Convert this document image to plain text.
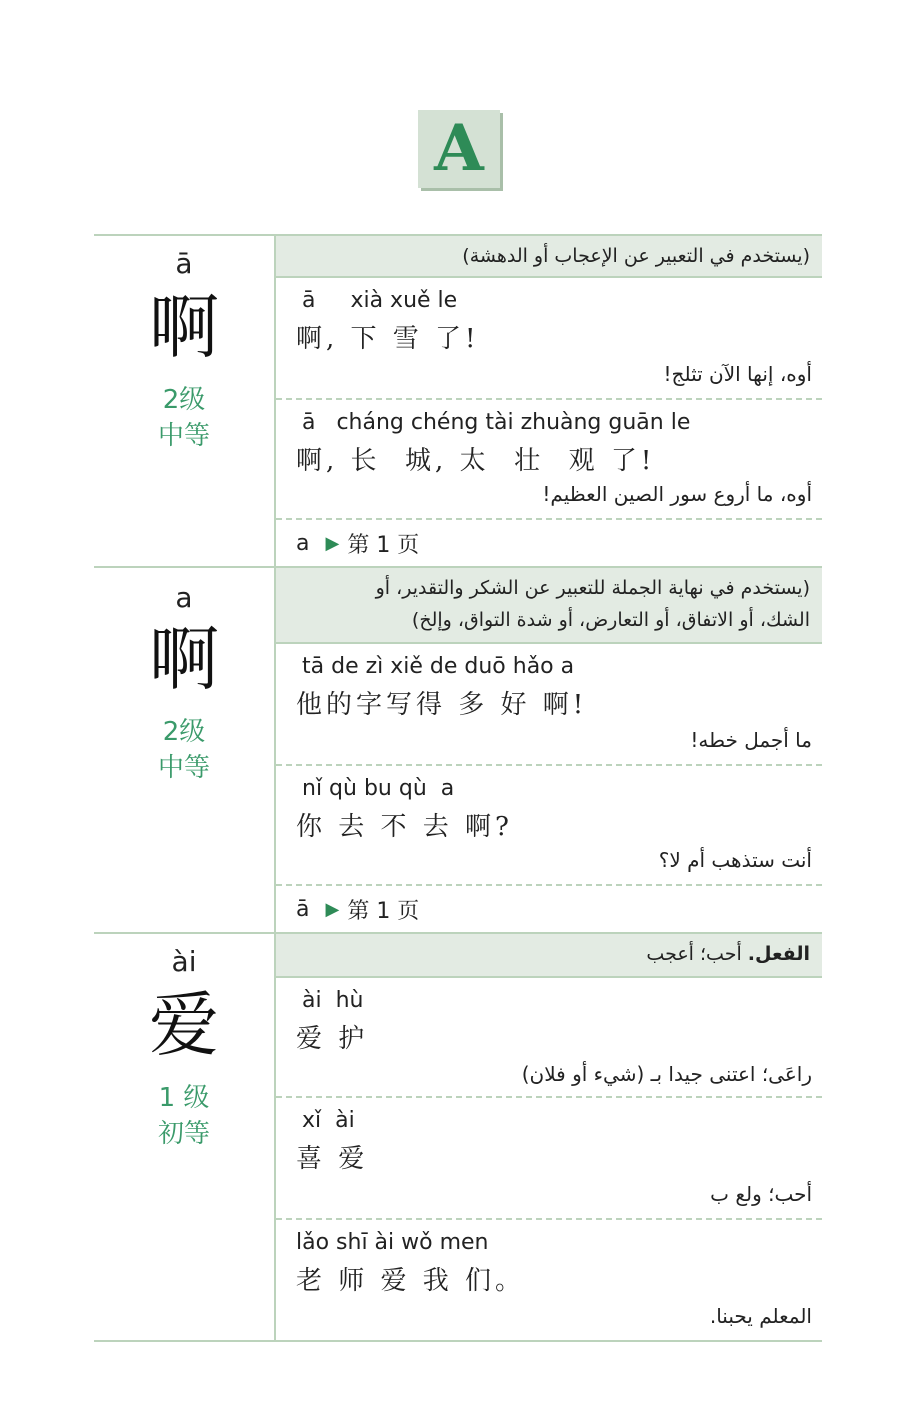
A
ā
啊
2级
中等
(يستخدم في التعبير عن الإعجاب أو الدهشة)
ā     xià xuě le
啊, 下 雪 了!
أوه، إنها الآن تثلج!
ā   cháng chéng tài zhuàng guān le
啊, 长  城, 太  壮  观 了!
أوه، ما أروع سور الصين العظيم!
a ▶ 第 1 页
a
啊
2级
中等
(يستخدم في نهاية الجملة للتعبير عن الشكر والتقدير، أو
الشك، أو الاتفاق، أو التعارض، أو شدة التواق، وإلخ)
tā de zì xiě de duō hǎo a
他的字写得 多 好 啊!
ما أجمل خطه!
nǐ qù bu qù  a
你 去 不 去 啊?
أنت ستذهب أم لا؟
ā ▶ 第 1 页
ài
爱
1 级
初等
الفعل. أحب؛ أعجب
ài  hù
爱 护
راعَى؛ اعتنى جيدا بـ (شيء أو فلان)
xǐ  ài
喜 爱
أحب؛ ولع ب
lǎo shī ài wǒ men
老 师 爱 我 们。
المعلم يحبنا.
